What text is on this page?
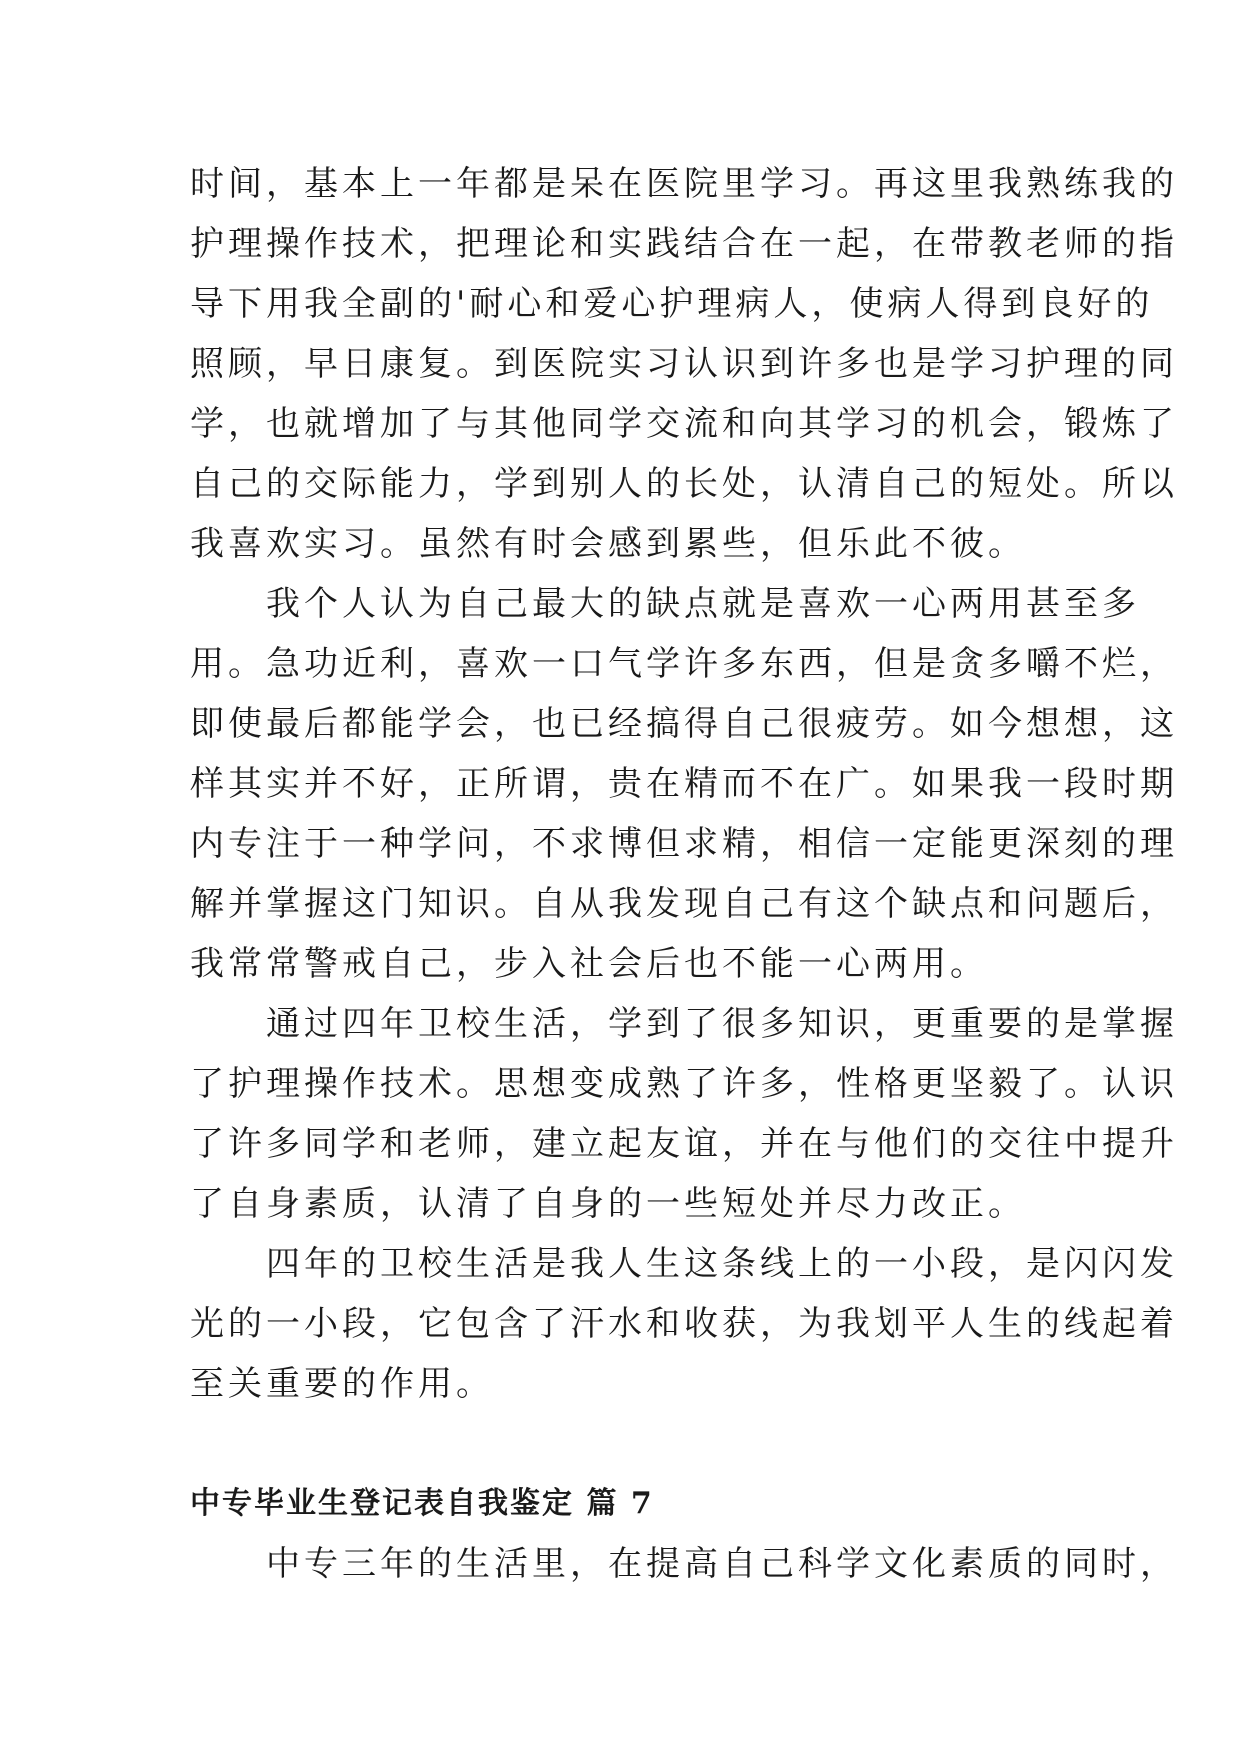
时间，基本上一年都是呆在医院里学习。再这里我熟练我的
护理操作技术，把理论和实践结合在一起，在带教老师的指
导下用我全副的'耐心和爱心护理病人，使病人得到良好的
照顾，早日康复。到医院实习认识到许多也是学习护理的同
学，也就增加了与其他同学交流和向其学习的机会，锻炼了
自己的交际能力，学到别人的长处，认清自己的短处。所以
我喜欢实习。虽然有时会感到累些，但乐此不彼。
　　我个人认为自己最大的缺点就是喜欢一心两用甚至多
用。急功近利，喜欢一口气学许多东西，但是贪多嚼不烂，
即使最后都能学会，也已经搞得自己很疲劳。如今想想，这
样其实并不好，正所谓，贵在精而不在广。如果我一段时期
内专注于一种学问，不求博但求精，相信一定能更深刻的理
解并掌握这门知识。自从我发现自己有这个缺点和问题后，
我常常警戒自己，步入社会后也不能一心两用。
　　通过四年卫校生活，学到了很多知识，更重要的是掌握
了护理操作技术。思想变成熟了许多，性格更坚毅了。认识
了许多同学和老师，建立起友谊，并在与他们的交往中提升
了自身素质，认清了自身的一些短处并尽力改正。
　　四年的卫校生活是我人生这条线上的一小段，是闪闪发
光的一小段，它包含了汗水和收获，为我划平人生的线起着
至关重要的作用。
中专毕业生登记表自我鉴定 篇 7
　　中专三年的生活里，在提高自己科学文化素质的同时，
